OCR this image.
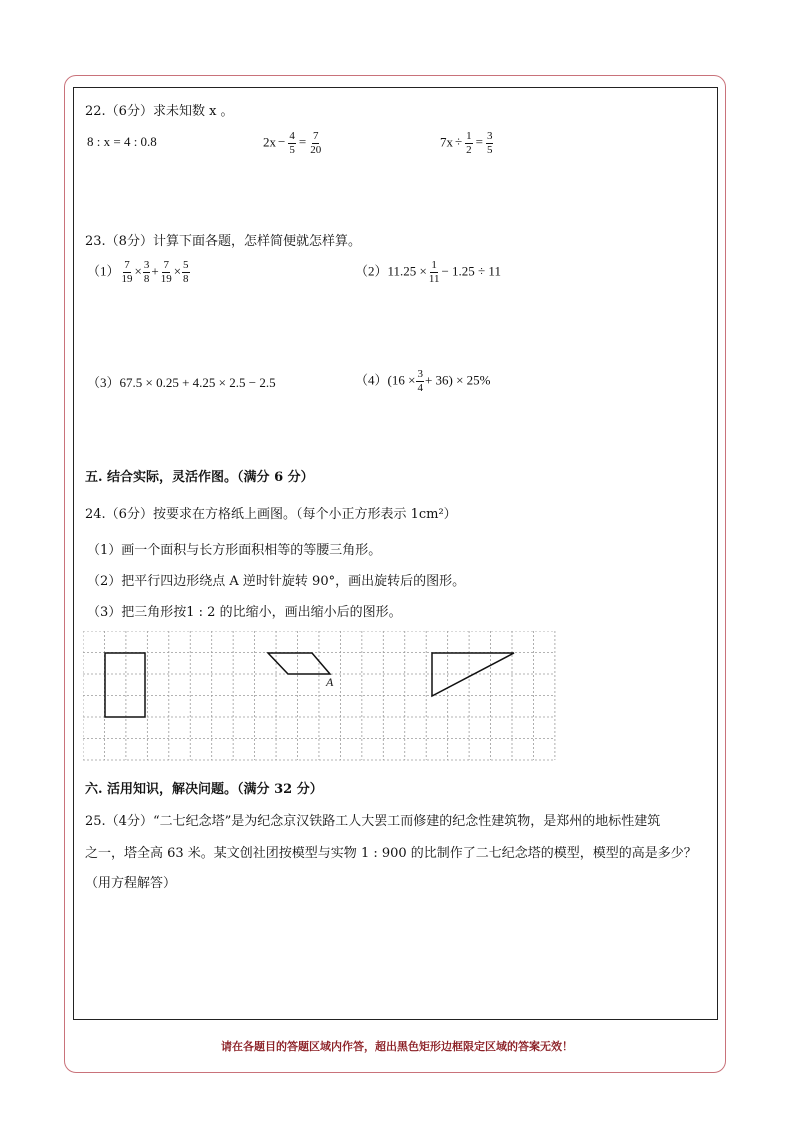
22.（6分）求未知数 x 。
8 : x = 4 : 0.8	$2x - \frac{4}{5} = \frac{7}{20}$	$7x \div \frac{1}{2} = \frac{3}{5}$
23.（8分）计算下面各题，怎样简便就怎样算。
$(1) \frac{7}{19} \times \frac{3}{8} + \frac{7}{19} \times \frac{5}{8}$	$(2)11.25 \times \frac{1}{11} - 1.25 \div 11$
（3）67.5 × 0.25 + 4.25 × 2.5 − 2.5	$(4)(16 \times \frac{3}{4} + 36) \times 25\%$
五. 结合实际，灵活作图。（满分 6 分）
24.（6分）按要求在方格纸上画图。（每个小正方形表示 1cm²）
（1）画一个面积与长方形面积相等的等腰三角形。
（2）把平行四边形绕点 A 逆时针旋转 90°，画出旋转后的图形。
（3）把三角形按1 : 2 的比缩小，画出缩小后的图形。
A
六. 活用知识，解决问题。（满分 32 分）
25.（4分）“二七纪念塔”是为纪念京汉铁路工人大罢工而修建的纪念性建筑物，是郑州的地标性建筑
之一，塔全高 63 米。某文创社团按模型与实物 1 : 900 的比制作了二七纪念塔的模型，模型的高是多少？
（用方程解答）
请在各题目的答题区域内作答，超出黑色矩形边框限定区域的答案无效！
